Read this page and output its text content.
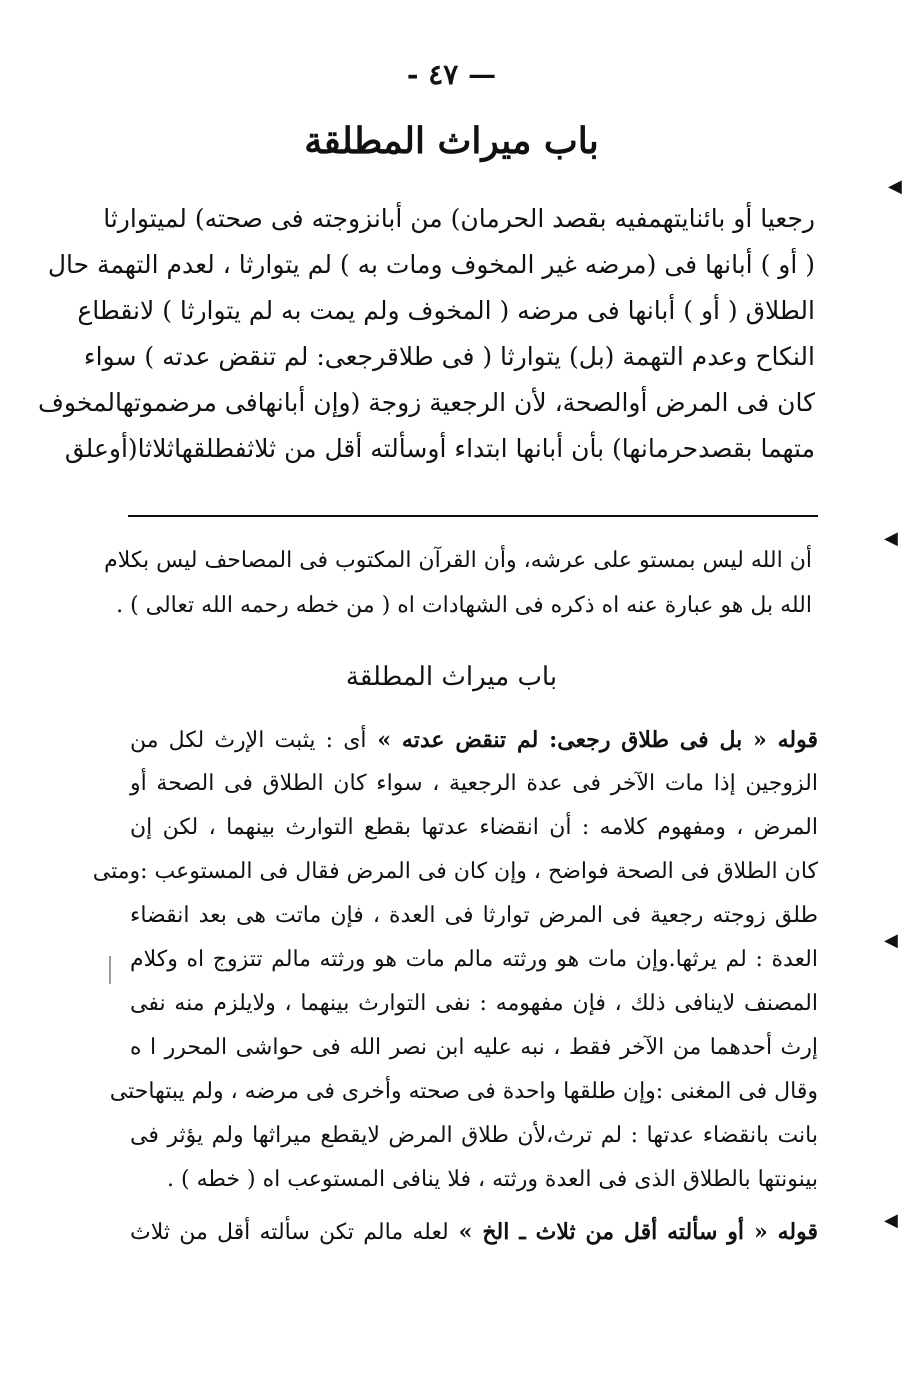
— ٤٧ -
باب ميراث المطلقة
◀
رجعيا أو بائنايتهمفيه بقصد الحرمان) من أبانزوجته فى صحته) لميتوارثا
( أو ) أبانها فى (مرضه غير المخوف ومات به ) لم يتوارثا ، لعدم التهمة حال
الطلاق ( أو ) أبانها فى مرضه ( المخوف ولم يمت به لم يتوارثا ) لانقطاع
النكاح وعدم التهمة (بل) يتوارثا ( فى طلاقرجعى: لم تنقض عدته ) سواء
كان فى المرض أوالصحة، لأن الرجعية زوجة (وإن أبانهافى مرضموتهالمخوف
متهما بقصدحرمانها) بأن أبانها ابتداء أوسألته أقل من ثلاثفطلقهاثلاثا(أوعلق
◀
أن الله ليس بمستو على عرشه، وأن القرآن المكتوب فى المصاحف ليس بكلام
الله بل هو عبارة عنه اه ذكره فى الشهادات اه ( من خطه رحمه الله تعالى ) .
باب ميراث المطلقة
قوله « بل فى طلاق رجعى: لم تنقض عدته » أى : يثبت الإرث لكل من
الزوجين إذا مات الآخر فى عدة الرجعية ، سواء كان الطلاق فى الصحة أو
المرض ، ومفهوم كلامه : أن انقضاء عدتها بقطع التوارث بينهما ، لكن إن
كان الطلاق فى الصحة فواضح ، وإن كان فى المرض فقال فى المستوعب :ومتى
طلق زوجته رجعية فى المرض توارثا فى العدة ، فإن ماتت هى بعد انقضاء
العدة : لم يرثها.وإن مات هو ورثته مالم مات هو ورثته مالم تتزوج اه وكلام
المصنف لاينافى ذلك ، فإن مفهومه : نفى التوارث بينهما ، ولايلزم منه نفى
إرث أحدهما من الآخر فقط ، نبه عليه ابن نصر الله فى حواشى المحرر ا ه
وقال فى المغنى :وإن طلقها واحدة فى صحته وأخرى فى مرضه ، ولم يبتهاحتى
بانت بانقضاء عدتها : لم ترث،لأن طلاق المرض لايقطع ميراثها ولم يؤثر فى
بينونتها بالطلاق الذى فى العدة ورثته ، فلا ينافى المستوعب اه ( خطه ) .
قوله « أو سألته أقل من ثلاث ـ الخ » لعله مالم تكن سألته أقل من ثلاث
◀
◀
